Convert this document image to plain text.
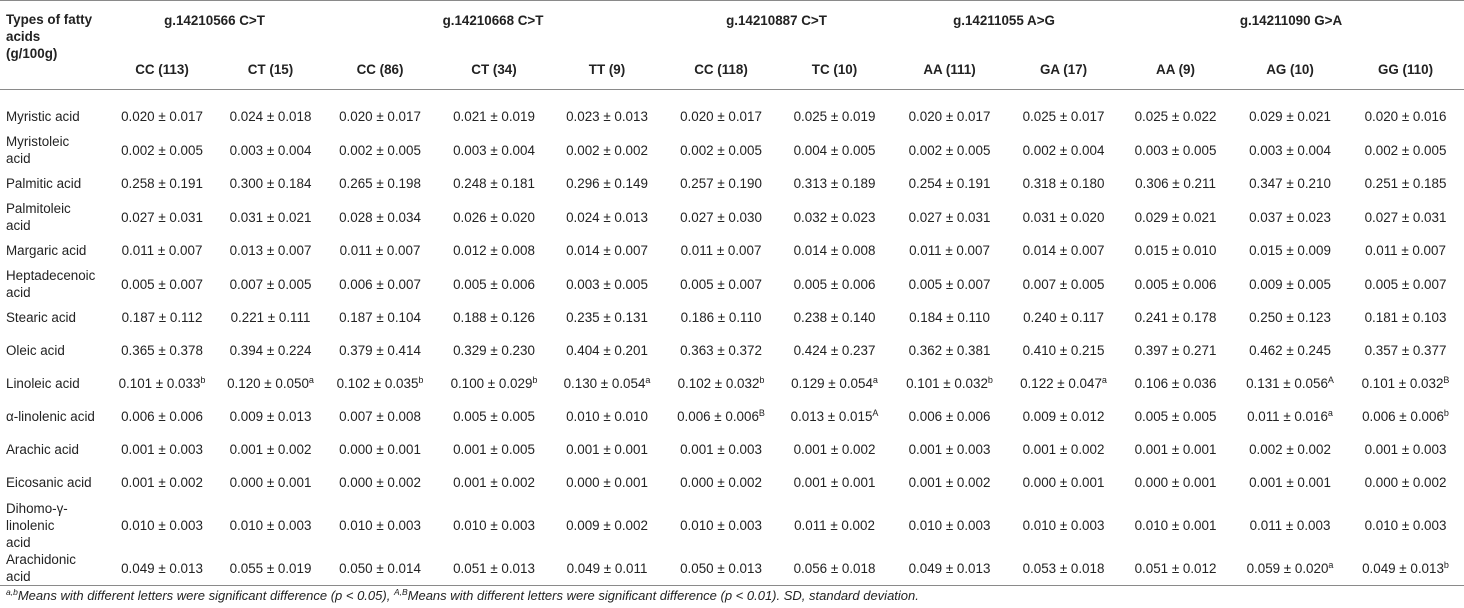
Types of fatty
acids
(g/100g)	g.14210566 C>T		g.14210668 C>T			g.14210887 C>T		g.14211055 A>G		g.14211090 G>A		
	CC (113)	CT (15)	CC (86)	CT (34)	TT (9)	CC (118)	TC (10)	AA (111)	GA (17)	AA (9)	AG (10)	GG (110)

Myristic acid	0.020 ± 0.017	0.024 ± 0.018	0.020 ± 0.017	0.021 ± 0.019	0.023 ± 0.013	0.020 ± 0.017	0.025 ± 0.019	0.020 ± 0.017	0.025 ± 0.017	0.025 ± 0.022	0.029 ± 0.021	0.020 ± 0.016
Myristoleic
acid	0.002 ± 0.005	0.003 ± 0.004	0.002 ± 0.005	0.003 ± 0.004	0.002 ± 0.002	0.002 ± 0.005	0.004 ± 0.005	0.002 ± 0.005	0.002 ± 0.004	0.003 ± 0.005	0.003 ± 0.004	0.002 ± 0.005
Palmitic acid	0.258 ± 0.191	0.300 ± 0.184	0.265 ± 0.198	0.248 ± 0.181	0.296 ± 0.149	0.257 ± 0.190	0.313 ± 0.189	0.254 ± 0.191	0.318 ± 0.180	0.306 ± 0.211	0.347 ± 0.210	0.251 ± 0.185
Palmitoleic
acid	0.027 ± 0.031	0.031 ± 0.021	0.028 ± 0.034	0.026 ± 0.020	0.024 ± 0.013	0.027 ± 0.030	0.032 ± 0.023	0.027 ± 0.031	0.031 ± 0.020	0.029 ± 0.021	0.037 ± 0.023	0.027 ± 0.031
Margaric acid	0.011 ± 0.007	0.013 ± 0.007	0.011 ± 0.007	0.012 ± 0.008	0.014 ± 0.007	0.011 ± 0.007	0.014 ± 0.008	0.011 ± 0.007	0.014 ± 0.007	0.015 ± 0.010	0.015 ± 0.009	0.011 ± 0.007
Heptadecenoic
acid	0.005 ± 0.007	0.007 ± 0.005	0.006 ± 0.007	0.005 ± 0.006	0.003 ± 0.005	0.005 ± 0.007	0.005 ± 0.006	0.005 ± 0.007	0.007 ± 0.005	0.005 ± 0.006	0.009 ± 0.005	0.005 ± 0.007
Stearic acid	0.187 ± 0.112	0.221 ± 0.111	0.187 ± 0.104	0.188 ± 0.126	0.235 ± 0.131	0.186 ± 0.110	0.238 ± 0.140	0.184 ± 0.110	0.240 ± 0.117	0.241 ± 0.178	0.250 ± 0.123	0.181 ± 0.103
Oleic acid	0.365 ± 0.378	0.394 ± 0.224	0.379 ± 0.414	0.329 ± 0.230	0.404 ± 0.201	0.363 ± 0.372	0.424 ± 0.237	0.362 ± 0.381	0.410 ± 0.215	0.397 ± 0.271	0.462 ± 0.245	0.357 ± 0.377
Linoleic acid	0.101 ± 0.033$^b$	0.120 ± 0.050$^a$	0.102 ± 0.035$^b$	0.100 ± 0.029$^b$	0.130 ± 0.054$^a$	0.102 ± 0.032$^b$	0.129 ± 0.054$^a$	0.101 ± 0.032$^b$	0.122 ± 0.047$^a$	0.106 ± 0.036	$0.131 \pm 0.056^A$	$0.101 \pm 0.032^B$
α-linolenic acid	0.006 ± 0.006	0.009 ± 0.013	0.007 ± 0.008	0.005 ± 0.005	0.010 ± 0.010	$0.006 \pm 0.006^B$	$0.013 \pm 0.015^A$	0.006 ± 0.006	0.009 ± 0.012	0.005 ± 0.005	0.011 ± 0.016$^a$	0.006 ± 0.006$^b$
Arachic acid	0.001 ± 0.003	0.001 ± 0.002	0.000 ± 0.001	0.001 ± 0.005	0.001 ± 0.001	0.001 ± 0.003	0.001 ± 0.002	0.001 ± 0.003	0.001 ± 0.002	0.001 ± 0.001	0.002 ± 0.002	0.001 ± 0.003
Eicosanic acid	0.001 ± 0.002	0.000 ± 0.001	0.000 ± 0.002	0.001 ± 0.002	0.000 ± 0.001	0.000 ± 0.002	0.001 ± 0.001	0.001 ± 0.002	0.000 ± 0.001	0.000 ± 0.001	0.001 ± 0.001	0.000 ± 0.002
Dihomo-γ-
linolenic
acid	0.010 ± 0.003	0.010 ± 0.003	0.010 ± 0.003	0.010 ± 0.003	0.009 ± 0.002	0.010 ± 0.003	0.011 ± 0.002	0.010 ± 0.003	0.010 ± 0.003	0.010 ± 0.001	0.011 ± 0.003	0.010 ± 0.003
Arachidonic
acid	0.049 ± 0.013	0.055 ± 0.019	0.050 ± 0.014	0.051 ± 0.013	0.049 ± 0.011	0.050 ± 0.013	0.056 ± 0.018	0.049 ± 0.013	0.053 ± 0.018	0.051 ± 0.012	0.059 ± 0.020$^a$	0.049 ± 0.013$^b$
$^{a,b}$Means with different letters were significant difference (p < 0.05), $^{A,B}$Means with different letters were significant difference (p < 0.01). SD, standard deviation.
